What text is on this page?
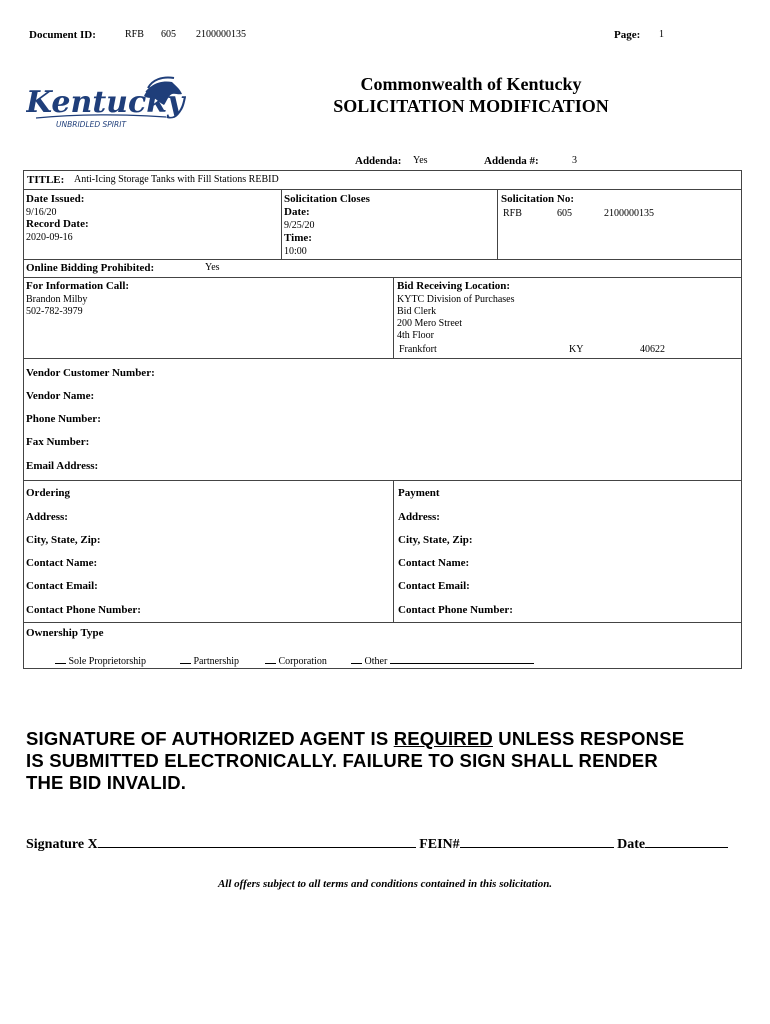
Document ID:	RFB 605 2100000135	Page: 1
Kentucky
UNBRIDLED SPIRIT
Commonwealth of Kentucky
SOLICITATION MODIFICATION
Addenda: Yes	Addenda #:	3
TITLE: Anti-Icing Storage Tanks with Fill Stations REBID
Date Issued:
9/16/20
Record Date:
2020-09-16
Solicitation Closes
Date:
9/25/20
Time:
10:00
Solicitation No:
RFB	605	2100000135
Online Bidding Prohibited:	Yes
For Information Call:
Brandon Milby
502-782-3979
Bid Receiving Location:
KYTC Division of Purchases
Bid Clerk
200 Mero Street
4th Floor
Frankfort	KY	40622
Vendor Customer Number:
Vendor Name:
Phone Number:
Fax Number:
Email Address:
Ordering
Address:
City, State, Zip:
Contact Name:
Contact Email:
Contact Phone Number:
Payment
Address:
City, State, Zip:
Contact Name:
Contact Email:
Contact Phone Number:
Ownership Type
Sole Proprietorship	Partnership	Corporation	Other
SIGNATURE OF AUTHORIZED AGENT IS REQUIRED UNLESS RESPONSE
IS SUBMITTED ELECTRONICALLY. FAILURE TO SIGN SHALL RENDER
THE BID INVALID.
Signature X	FEIN#	Date
All offers subject to all terms and conditions contained in this solicitation.
